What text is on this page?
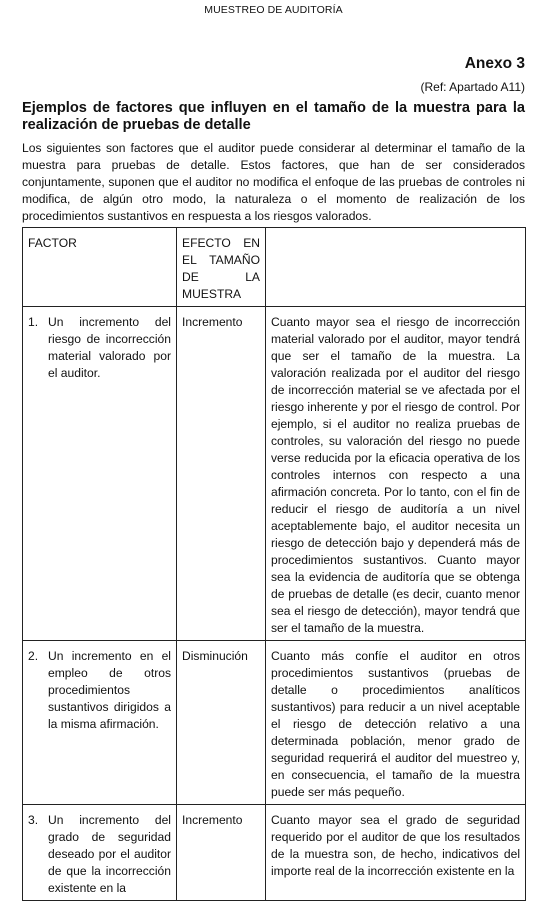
MUESTREO DE AUDITORÍA
Anexo 3
(Ref: Apartado A11)
Ejemplos de factores que influyen en el tamaño de la muestra para la realización de pruebas de detalle
Los siguientes son factores que el auditor puede considerar al determinar el tamaño de la muestra para pruebas de detalle. Estos factores, que han de ser considerados conjuntamente, suponen que el auditor no modifica el enfoque de las pruebas de controles ni modifica, de algún otro modo, la naturaleza o el momento de realización de los procedimientos sustantivos en respuesta a los riesgos valorados.
FACTOR	EFECTO EN EL TAMAÑO DE LA MUESTRA	

1. Un incremento del riesgo de incorrección material valorado por el auditor.	Incremento	Cuanto mayor sea el riesgo de incorrección material valorado por el auditor, mayor tendrá que ser el tamaño de la muestra. La valoración realizada por el auditor del riesgo de incorrección material se ve afectada por el riesgo inherente y por el riesgo de control. Por ejemplo, si el auditor no realiza pruebas de controles, su valoración del riesgo no puede verse reducida por la eficacia operativa de los controles internos con respecto a una afirmación concreta. Por lo tanto, con el fin de reducir el riesgo de auditoría a un nivel aceptablemente bajo, el auditor necesita un riesgo de detección bajo y dependerá más de procedimientos sustantivos. Cuanto mayor sea la evidencia de auditoría que se obtenga de pruebas de detalle (es decir, cuanto menor sea el riesgo de detección), mayor tendrá que ser el tamaño de la muestra.

2. Un incremento en el empleo de otros procedimientos sustantivos dirigidos a la misma afirmación.	Disminución	Cuanto más confíe el auditor en otros procedimientos sustantivos (pruebas de detalle o procedimientos analíticos sustantivos) para reducir a un nivel aceptable el riesgo de detección relativo a una determinada población, menor grado de seguridad requerirá el auditor del muestreo y, en consecuencia, el tamaño de la muestra puede ser más pequeño.

3. Un incremento del grado de seguridad deseado por el auditor de que la incorrección existente en la	Incremento	Cuanto mayor sea el grado de seguridad requerido por el auditor de que los resultados de la muestra son, de hecho, indicativos del importe real de la incorrección existente en la
